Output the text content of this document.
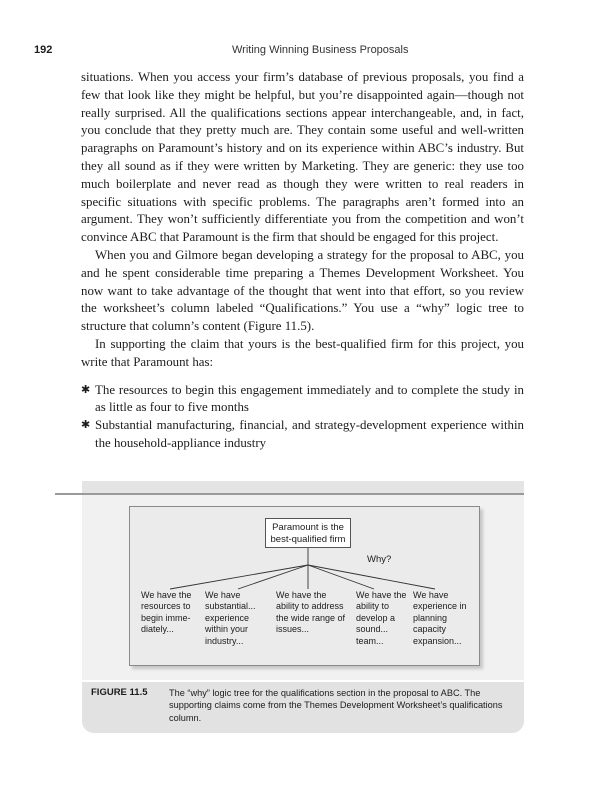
192	Writing Winning Business Proposals

situations. When you access your firm’s database of previous proposals, you find a few that look like they might be helpful, but you’re disappointed again—though not really surprised. All the qualifications sections appear interchangeable, and, in fact, you conclude that they pretty much are. They contain some useful and well-written paragraphs on Paramount’s history and on its experience within ABC’s industry. But they all sound as if they were written by Marketing. They are generic: they use too much boilerplate and never read as though they were written to real readers in specific situations with specific problems. The paragraphs aren’t formed into an argument. They won’t sufficiently differentiate you from the competition and won’t convince ABC that Paramount is the firm that should be engaged for this project.

When you and Gilmore began developing a strategy for the proposal to ABC, you and he spent considerable time preparing a Themes Development Worksheet. You now want to take advantage of the thought that went into that effort, so you review the worksheet’s column labeled “Qualifications.” You use a “why” logic tree to structure that column’s content (Figure 11.5).

In supporting the claim that yours is the best-qualified firm for this project, you write that Paramount has:

✱ The resources to begin this engagement immediately and to complete the study in as little as four to five months
✱ Substantial manufacturing, financial, and strategy-development experience within the household-appliance industry
Paramount is the best-qualified firm
Why?
We have the resources to begin imme-diately...
We have substantial... experience within your industry...
We have the ability to address the wide range of issues...
We have the ability to develop a sound... team...
We have experience in planning capacity expansion...
FIGURE 11.5 The “why” logic tree for the qualifications section in the proposal to ABC. The supporting claims come from the Themes Development Worksheet’s qualifications column.
